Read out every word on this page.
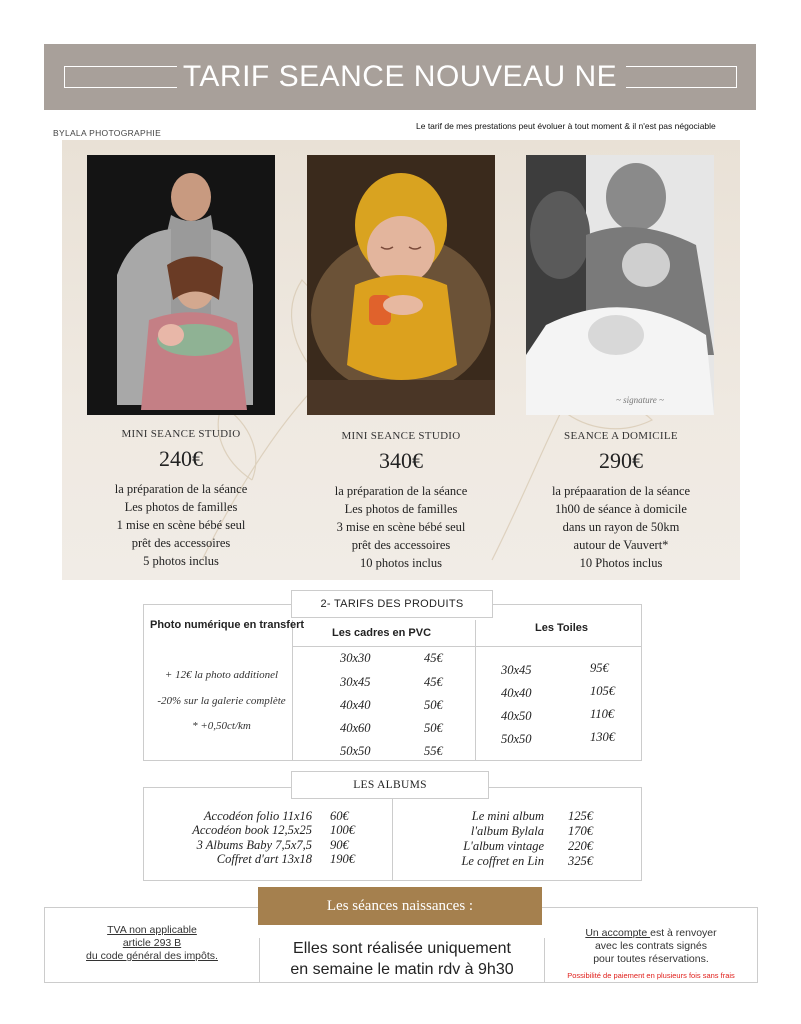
TARIF SEANCE NOUVEAU NE
BYLALA PHOTOGRAPHIE
Le tarif de mes prestations peut évoluer à tout moment & il n'est pas négociable
~ signature ~
MINI SEANCE STUDIO
240€
la préparation de la séance
Les photos de familles
1 mise en scène bébé seul
prêt des accessoires
5 photos inclus
MINI SEANCE STUDIO
340€
la préparation de la séance
Les photos de familles
3 mise en scène bébé seul
prêt des accessoires
10 photos inclus
SEANCE A DOMICILE
290€
la prépaaration de la séance
1h00 de séance à domicile
dans un rayon de 50km
autour de Vauvert*
10 Photos inclus
Photo numérique en transfert
Les cadres en PVC	Les Toiles
+ 12€ la photo additionel
-20% sur la galerie complète
* +0,50ct/km
30x30	45€
30x45	45€
40x40	50€
40x60	50€
50x50	55€
30x45	95€
40x40	105€
40x50	110€
50x50	130€
2- TARIFS DES PRODUITS
Accodéon folio 11x16 60€
Accodéon book 12,5x25 100€
3 Albums Baby 7,5x7,5 90€
Coffret d'art 13x18 190€
Le mini album 125€
l'album Bylala 170€
L'album vintage 220€
Le coffret en Lin 325€
LES ALBUMS
TVA non applicable
article 293 B
du code général des impôts.	Elles sont réalisée uniquement
en semaine le matin rdv à 9h30
Un accompte est à renvoyer
avec les contrats signés
pour toutes réservations.
Possibilité de paiement en plusieurs fois sans frais
Les séances naissances :
